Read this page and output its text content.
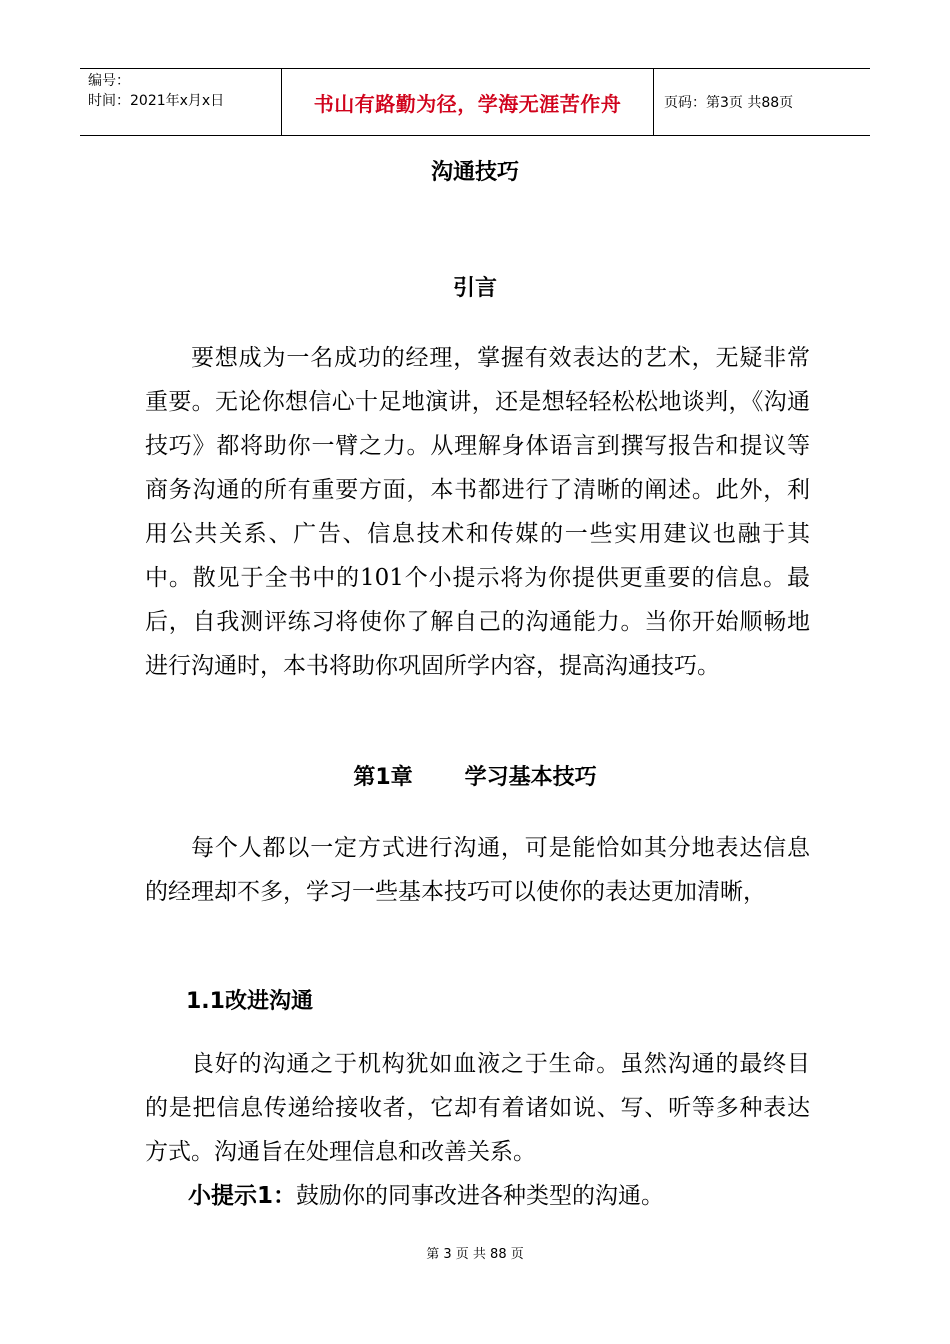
编号：
时间：2021年x月x日	书山有路勤为径，学海无涯苦作舟	页码：第3页 共88页
沟通技巧
引言

要想成为一名成功的经理，掌握有效表达的艺术，无疑非常重要。无论你想信心十足地演讲，还是想轻轻松松地谈判，《沟通技巧》都将助你一臂之力。从理解身体语言到撰写报告和提议等商务沟通的所有重要方面，本书都进行了清晰的阐述。此外，利用公共关系、广告、信息技术和传媒的一些实用建议也融于其中。散见于全书中的101个小提示将为你提供更重要的信息。最后，自我测评练习将使你了解自己的沟通能力。当你开始顺畅地进行沟通时，本书将助你巩固所学内容，提高沟通技巧。

第1章 学习基本技巧

每个人都以一定方式进行沟通，可是能恰如其分地表达信息的经理却不多，学习一些基本技巧可以使你的表达更加清晰，

1.1改进沟通

良好的沟通之于机构犹如血液之于生命。虽然沟通的最终目的是把信息传递给接收者，它却有着诸如说、写、听等多种表达方式。沟通旨在处理信息和改善关系。

小提示1：鼓励你的同事改进各种类型的沟通。
第 3 页 共 88 页
